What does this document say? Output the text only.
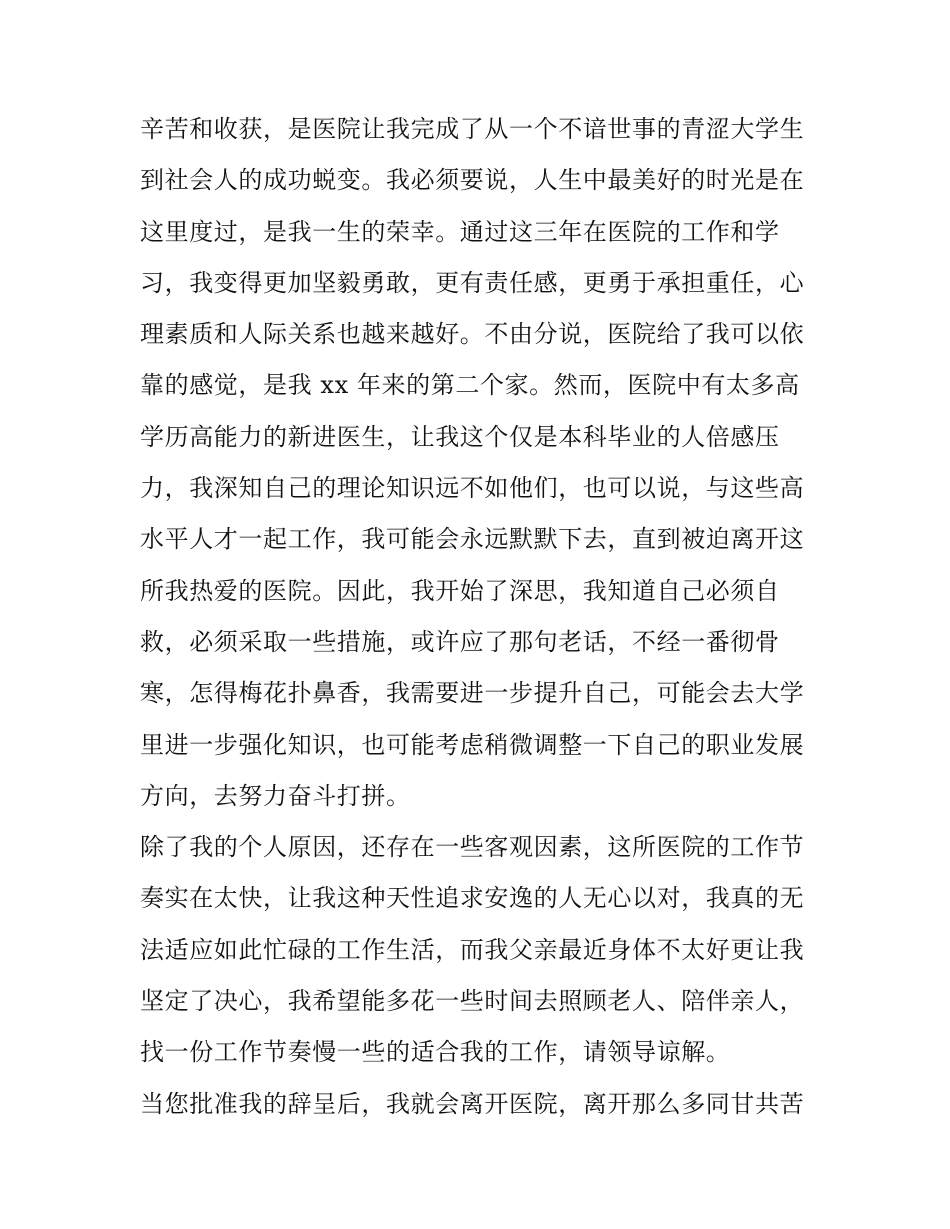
辛苦和收获，是医院让我完成了从一个不谙世事的青涩大学生
到社会人的成功蜕变。我必须要说，人生中最美好的时光是在
这里度过，是我一生的荣幸。通过这三年在医院的工作和学
习，我变得更加坚毅勇敢，更有责任感，更勇于承担重任，心
理素质和人际关系也越来越好。不由分说，医院给了我可以依
靠的感觉，是我 xx 年来的第二个家。然而，医院中有太多高
学历高能力的新进医生，让我这个仅是本科毕业的人倍感压
力，我深知自己的理论知识远不如他们，也可以说，与这些高
水平人才一起工作，我可能会永远默默下去，直到被迫离开这
所我热爱的医院。因此，我开始了深思，我知道自己必须自
救，必须采取一些措施，或许应了那句老话，不经一番彻骨
寒，怎得梅花扑鼻香，我需要进一步提升自己，可能会去大学
里进一步强化知识，也可能考虑稍微调整一下自己的职业发展
方向，去努力奋斗打拼。
除了我的个人原因，还存在一些客观因素，这所医院的工作节
奏实在太快，让我这种天性追求安逸的人无心以对，我真的无
法适应如此忙碌的工作生活，而我父亲最近身体不太好更让我
坚定了决心，我希望能多花一些时间去照顾老人、陪伴亲人，
找一份工作节奏慢一些的适合我的工作，请领导谅解。
当您批准我的辞呈后，我就会离开医院，离开那么多同甘共苦
